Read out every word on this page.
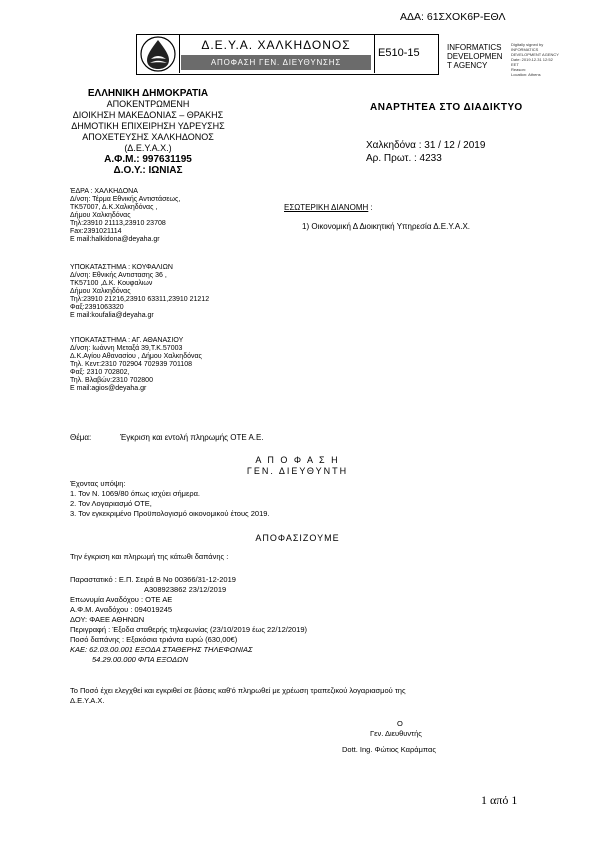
ΑΔΑ: 61ΣΧΟΚ6Ρ-ΕΘΛ
Δ.Ε.Υ.Α. ΧΑΛΚΗΔΟΝΟΣ
ΑΠΟΦΑΣΗ ΓΕΝ. ΔΙΕΥΘΥΝΣΗΣ
Ε510-15	INFORMATICS
DEVELOPMEN
T AGENCY
Digitally signed by
INFORMATICS
DEVELOPMENT AGENCY
Date: 2019.12.31 12:52
EET
Reason:
Location: Athens
ΕΛΛΗΝΙΚΗ ΔΗΜΟΚΡΑΤΙΑ
ΑΠΟΚΕΝΤΡΩΜΕΝΗ
ΔΙΟΙΚΗΣΗ ΜΑΚΕΔΟΝΙΑΣ – ΘΡΑΚΗΣ
ΔΗΜΟΤΙΚΗ ΕΠΙΧΕΙΡΗΣΗ ΥΔΡΕΥΣΗΣ
ΑΠΟΧΕΤΕΥΣΗΣ ΧΑΛΚΗΔΟΝΟΣ
(Δ.Ε.Υ.Α.Χ.)
Α.Φ.Μ.: 997631195
Δ.Ο.Υ.: ΙΩΝΙΑΣ
ΑΝΑΡΤΗΤΕΑ ΣΤΟ ΔΙΑΔΙΚΤΥΟ
Χαλκηδόνα : 31 / 12 / 2019
Αρ. Πρωτ. : 4233
ΈΔΡΑ : ΧΑΛΚΗΔΟΝΑ
Δ/νση: Τέρμα Εθνικής Αντιστάσεως,
ΤΚ57007, Δ.Κ.Χαλκηδόνας ,
Δήμου Χαλκηδόνας
Τηλ:23910 21113,23910 23708
Fax:2391021114
E mail:halkidona@deyaha.gr
ΥΠΟΚΑΤΑΣΤΗΜΑ : ΚΟΥΦΑΛΙΩΝ
Δ/νση: Εθνικής Αντιστασης 36 ,
ΤΚ57100 ,Δ.Κ. Κουφαλιων
Δήμου Χαλκηδόνας
Τηλ:23910 21216,23910 63311,23910 21212
Φαξ:2391063320
E mail:koufalia@deyaha.gr
ΥΠΟΚΑΤΑΣΤΗΜΑ : ΑΓ. ΑΘΑΝΑΣΙΟΥ
Δ/νση: Ιωάννη Μεταξά 39,Τ.Κ.57003
Δ.Κ.Αγίου Αθανασίου , Δήμου Χαλκηδόνας
Τηλ. Κεντ:2310 702904 702939 701108
Φαξ: 2310 702802,
Τηλ. Βλαβών:2310 702800
E mail:agios@deyaha.gr
ΕΣΩΤΕΡΙΚΗ ΔΙΑΝΟΜΗ :
1) Οικονομική Δ Διοικητική Υπηρεσία Δ.Ε.Υ.Α.Χ.
Θέμα:	Έγκριση και εντολή πληρωμής ΟΤΕ Α.Ε.
Α Π Ο Φ Α Σ Η
ΓΕΝ. ΔΙΕΥΘΥΝΤΗ
Έχοντας υπόψη:
1. Τον Ν. 1069/80 όπως ισχύει σήμερα.
2. Τον Λογαριασμό ΟΤΕ,
3. Τον εγκεκριμένο Προϋπολογισμό οικονομικού έτους 2019.
ΑΠΟΦΑΣΙΖΟΥΜΕ
Την έγκριση και πληρωμή της κάτωθι δαπάνης :
Παραστατικό : Ε.Π. Σειρά Β Νο 00366/31-12-2019
A308923862 23/12/2019
Επωνυμία Αναδόχου : ΟΤΕ ΑΕ
Α.Φ.Μ. Αναδόχου : 094019245
ΔΟΥ: ΦΑΕΕ ΑΘΗΝΩΝ
Περιγραφή : Έξοδα σταθερής τηλεφωνίας (23/10/2019 έως 22/12/2019)
Ποσό δαπάνης : Εξακόσια τριάντα ευρώ (630,00€)
ΚΑΕ: 62.03.00.001 ΕΞΟΔΑ ΣΤΑΘΕΡΗΣ ΤΗΛΕΦΩΝΙΑΣ
54.29.00.000 ΦΠΑ ΕΞΟΔΩΝ
Το Ποσό έχει ελεγχθεί και εγκριθεί σε βάσεις καθ'ό πληρωθεί με χρέωση τραπεζικού λογαριασμού της
Δ.Ε.Υ.Α.Χ.
Ο
Γεν. Διευθυντής
Dott. Ing. Φώτιος Καράμπας
1 από 1
